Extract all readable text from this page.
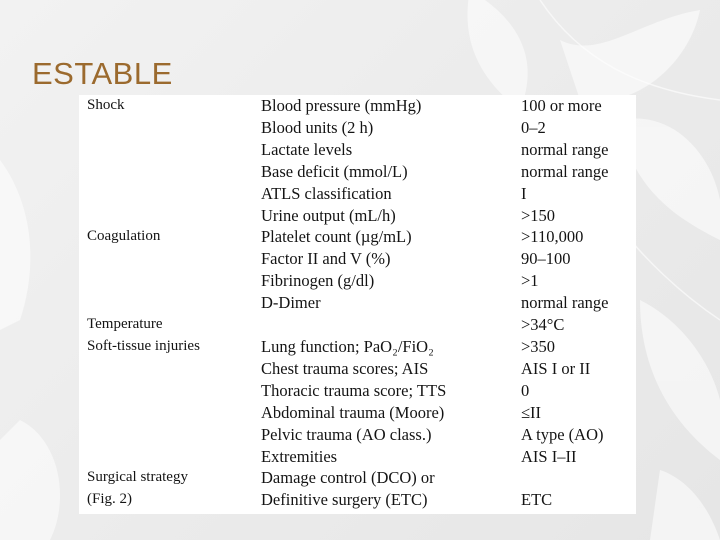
ESTABLE
Shock	Blood pressure (mmHg)	100 or more
	Blood units (2 h)	0–2
	Lactate levels	normal range
	Base deficit (mmol/L)	normal range
	ATLS classification	I
	Urine output (mL/h)	>150
Coagulation	Platelet count (µg/mL)	>110,000
	Factor II and V (%)	90–100
	Fibrinogen (g/dl)	>1
	D-Dimer	normal range
Temperature		>34°C
Soft-tissue injuries	Lung function; PaO₂/FiO₂	>350
	Chest trauma scores; AIS	AIS I or II
	Thoracic trauma score; TTS	0
	Abdominal trauma (Moore)	≤II
	Pelvic trauma (AO class.)	A type (AO)
	Extremities	AIS I–II
Surgical strategy	Damage control (DCO) or	
(Fig. 2)	Definitive surgery (ETC)	ETC
